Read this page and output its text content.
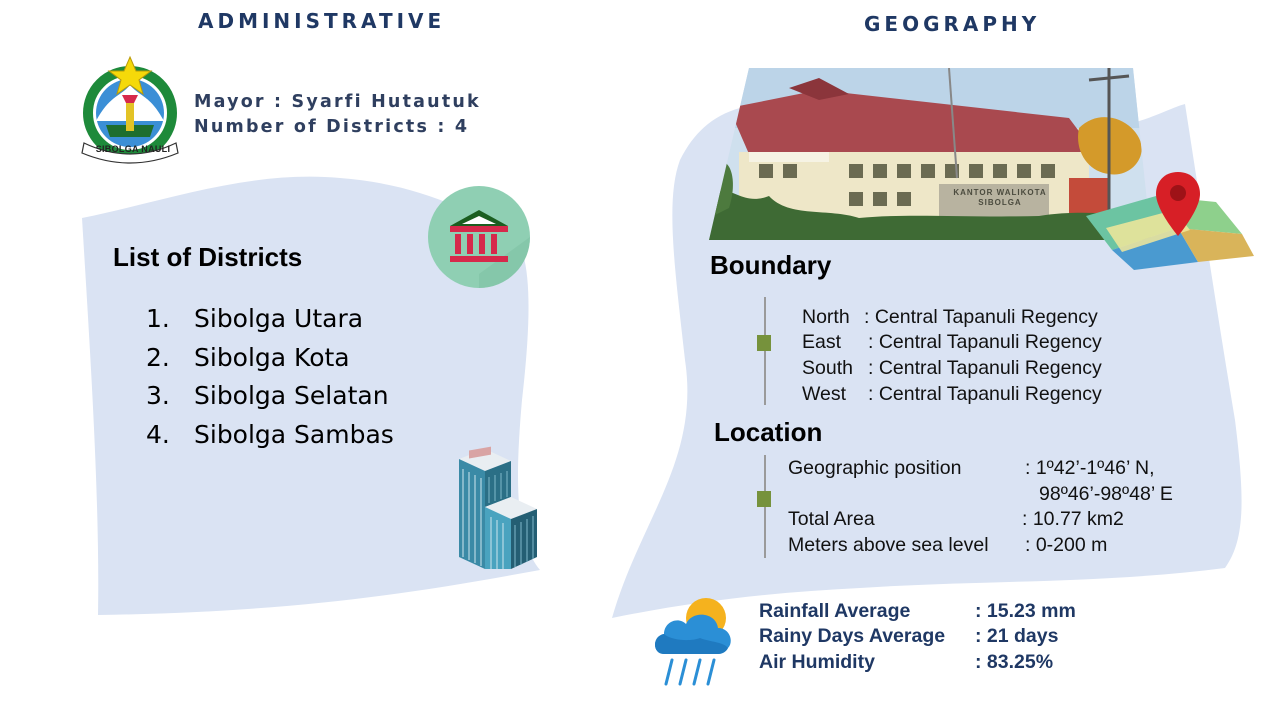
ADMINISTRATIVE
SIBOLGA NAULI
Mayor : Syarfi Hutautuk
Number of Districts : 4
List of Districts
1. Sibolga Utara
2. Sibolga Kota
3. Sibolga Selatan
4. Sibolga Sambas
GEOGRAPHY
KANTOR WALIKOTA SIBOLGA
Boundary
North : Central Tapanuli Regency
East : Central Tapanuli Regency
South : Central Tapanuli Regency
West : Central Tapanuli Regency
Location
Geographic position	: 1º42’-1º46’ N,
98º46’-98º48’ E
Total Area	: 10.77 km2
Meters above sea level : 0-200 m
Rainfall Average	: 15.23 mm
Rainy Days Average : 21 days
Air Humidity	: 83.25%
